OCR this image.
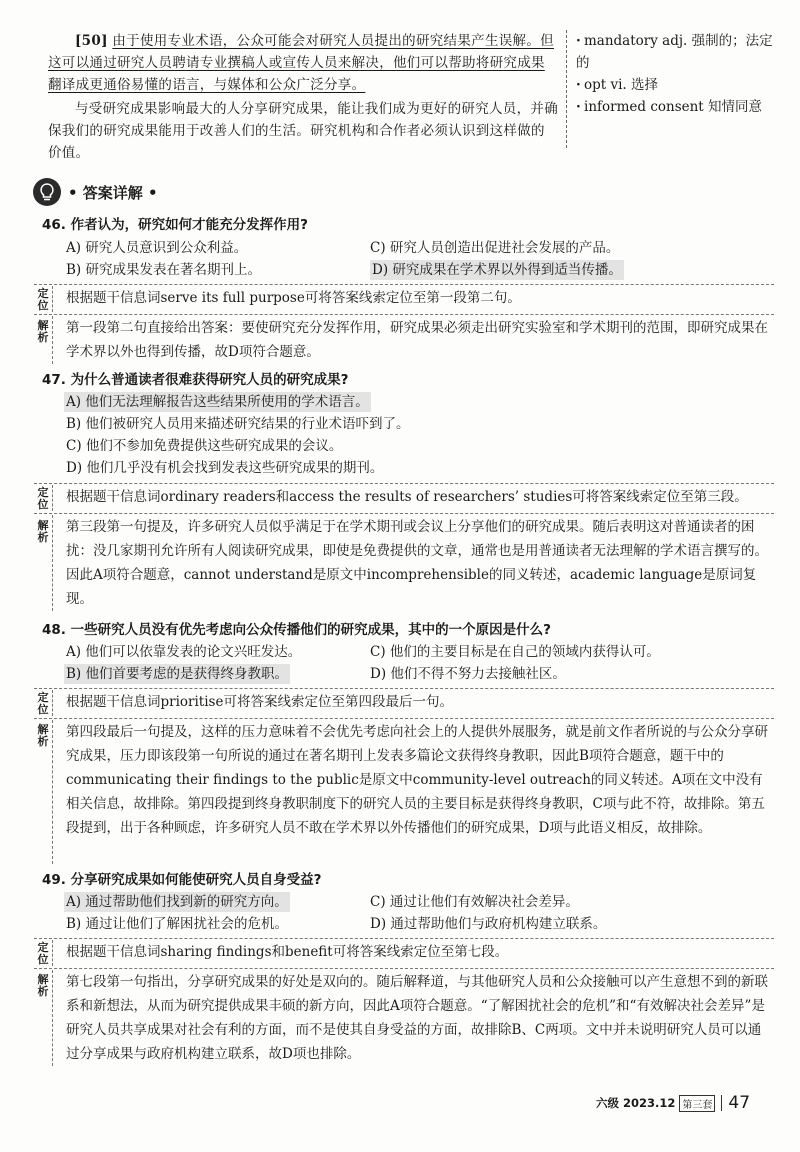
[50] 由于使用专业术语，公众可能会对研究人员提出的研究结果产生误解。但这可以通过研究人员聘请专业撰稿人或宣传人员来解决，他们可以帮助将研究成果翻译成更通俗易懂的语言，与媒体和公众广泛分享。

与受研究成果影响最大的人分享研究成果，能让我们成为更好的研究人员，并确保我们的研究成果能用于改善人们的生活。研究机构和合作者必须认识到这样做的价值。

· mandatory adj. 强制的；法定的

· opt vi. 选择

· informed consent 知情同意

• 答案详解 •
46. 作者认为，研究如何才能充分发挥作用?
A) 研究人员意识到公众利益。	C) 研究人员创造出促进社会发展的产品。
B) 研究成果发表在著名期刊上。	D) 研究成果在学术界以外得到适当传播。
定位 根据题干信息词serve its full purpose可将答案线索定位至第一段第二句。
解析
第一段第二句直接给出答案：要使研究充分发挥作用，研究成果必须走出研究实验室和学术期刊的范围，即研究成果在学术界以外也得到传播，故D项符合题意。
47. 为什么普通读者很难获得研究人员的研究成果?
A) 他们无法理解报告这些结果所使用的学术语言。
B) 他们被研究人员用来描述研究结果的行业术语吓到了。
C) 他们不参加免费提供这些研究成果的会议。
D) 他们几乎没有机会找到发表这些研究成果的期刊。
定位 根据题干信息词ordinary readers和access the results of researchers’ studies可将答案线索定位至第三段。
解析
第三段第一句提及，许多研究人员似乎满足于在学术期刊或会议上分享他们的研究成果。随后表明这对普通读者的困扰：没几家期刊允许所有人阅读研究成果，即使是免费提供的文章，通常也是用普通读者无法理解的学术语言撰写的。因此A项符合题意，cannot understand是原文中incomprehensible的同义转述，academic language是原词复现。
48. 一些研究人员没有优先考虑向公众传播他们的研究成果，其中的一个原因是什么?
A) 他们可以依靠发表的论文兴旺发达。	C) 他们的主要目标是在自己的领域内获得认可。
B) 他们首要考虑的是获得终身教职。	D) 他们不得不努力去接触社区。
定位 根据题干信息词prioritise可将答案线索定位至第四段最后一句。
解析
第四段最后一句提及，这样的压力意味着不会优先考虑向社会上的人提供外展服务，就是前文作者所说的与公众分享研究成果，压力即该段第一句所说的通过在著名期刊上发表多篇论文获得终身教职，因此B项符合题意，题干中的communicating their findings to the public是原文中community-level outreach的同义转述。A项在文中没有相关信息，故排除。第四段提到终身教职制度下的研究人员的主要目标是获得终身教职，C项与此不符，故排除。第五段提到，出于各种顾虑，许多研究人员不敢在学术界以外传播他们的研究成果，D项与此语义相反，故排除。
49. 分享研究成果如何能使研究人员自身受益?
A) 通过帮助他们找到新的研究方向。	C) 通过让他们有效解决社会差异。
B) 通过让他们了解困扰社会的危机。	D) 通过帮助他们与政府机构建立联系。
定位 根据题干信息词sharing findings和benefit可将答案线索定位至第七段。
解析
第七段第一句指出，分享研究成果的好处是双向的。随后解释道，与其他研究人员和公众接触可以产生意想不到的新联系和新想法，从而为研究提供成果丰硕的新方向，因此A项符合题意。“了解困扰社会的危机”和“有效解决社会差异”是研究人员共享成果对社会有利的方面，而不是使其自身受益的方面，故排除B、C两项。文中并未说明研究人员可以通过分享成果与政府机构建立联系，故D项也排除。
六级 2023.12 第三套 47
